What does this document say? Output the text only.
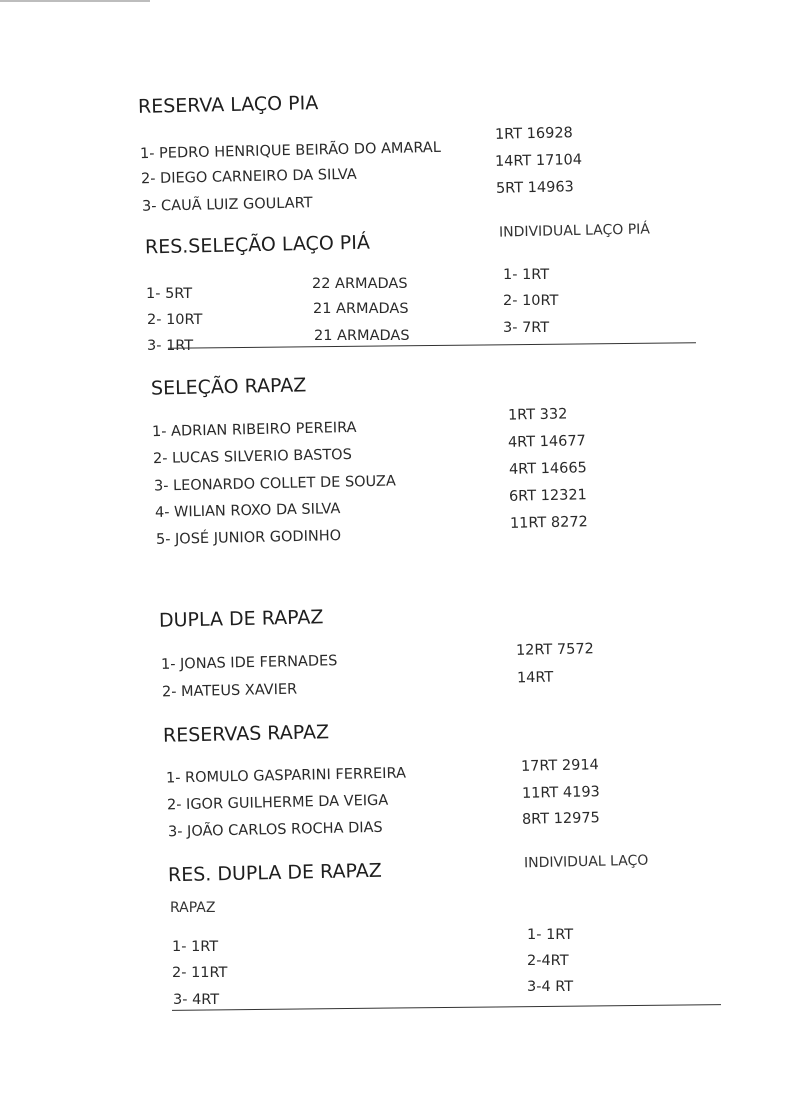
RESERVA LAÇO PIA
1- PEDRO HENRIQUE BEIRÃO DO AMARAL
2- DIEGO CARNEIRO DA SILVA
3- CAUÃ LUIZ GOULART
1RT 16928
14RT 17104
5RT 14963
RES.SELEÇÃO LAÇO PIÁ
1- 5RT
2- 10RT
3- 1RT
22 ARMADAS
21 ARMADAS
21 ARMADAS
INDIVIDUAL LAÇO PIÁ
1- 1RT
2- 10RT
3- 7RT
SELEÇÃO RAPAZ
1- ADRIAN RIBEIRO PEREIRA
2- LUCAS SILVERIO BASTOS
3- LEONARDO COLLET DE SOUZA
4- WILIAN ROXO DA SILVA
5- JOSÉ JUNIOR GODINHO
1RT 332
4RT 14677
4RT 14665
6RT 12321
11RT 8272
DUPLA DE RAPAZ
1- JONAS IDE FERNADES
2- MATEUS XAVIER
12RT 7572
14RT
RESERVAS RAPAZ
1- ROMULO GASPARINI FERREIRA
2- IGOR GUILHERME DA VEIGA
3- JOÃO CARLOS ROCHA DIAS
17RT 2914
11RT 4193
8RT 12975
RES. DUPLA DE RAPAZ
RAPAZ
1- 1RT
2- 11RT
3- 4RT
INDIVIDUAL LAÇO
1- 1RT
2-4RT
3-4 RT
